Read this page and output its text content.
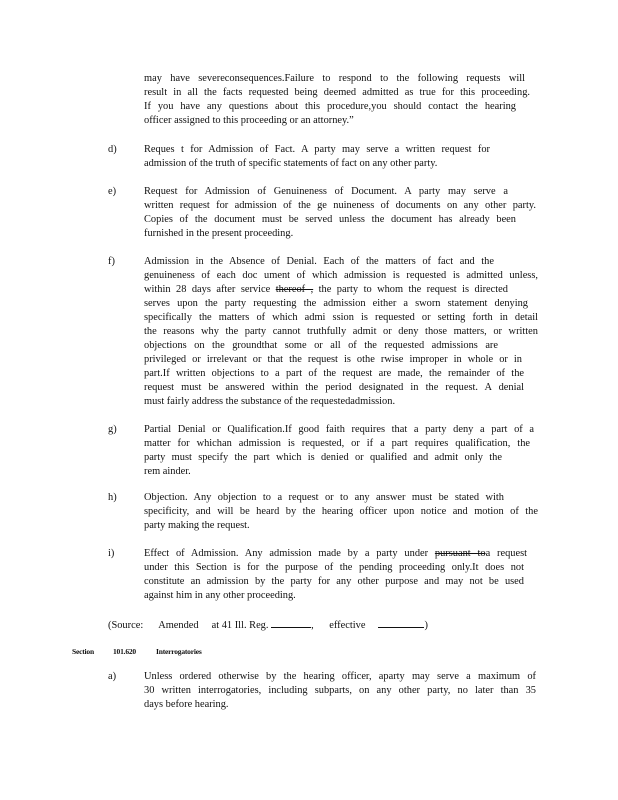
may have severeconsequences.Failure to respond to the following requests will
result in all the facts requested being deemed admitted as true for this proceeding.
If you have any questions about this procedure,you should contact the hearing
officer assigned to this proceeding or an attorney.”
d)	Reques t for Admission of Fact. A party may serve a written request for
admission of the truth of specific statements of fact on any other party.
e)	Request for Admission of Genuineness of Document. A party may serve a
written request for admission of the ge nuineness of documents on any other party.
Copies of the document must be served unless the document has already been
furnished in the present proceeding.
f)	Admission in the Absence of Denial. Each of the matters of fact and the
genuineness of each doc ument of which admission is requested is admitted unless,
within 28 days after service thereof , the party to whom the request is directed
serves upon the party requesting the admission either a sworn statement denying
specifically the matters of which admi ssion is requested or setting forth in detail
the reasons why the party cannot truthfully admit or deny those matters, or written
objections on the groundthat some or all of the requested admissions are
privileged or irrelevant or that the request is othe rwise improper in whole or in
part.If written objections to a part of the request are made, the remainder of the
request must be answered within the period designated in the request. A denial
must fairly address the substance of the requestedadmission.
g)	Partial Denial or Qualification.If good faith requires that a party deny a part of a
matter for whichan admission is requested, or if a part requires qualification, the
party must specify the part which is denied or qualified and admit only the
rem ainder.
h)	Objection. Any objection to a request or to any answer must be stated with
specificity, and will be heard by the hearing officer upon notice and motion of the
party making the request.
i)	Effect of Admission. Any admission made by a party under pursuant toa request
under this Section is for the purpose of the pending proceeding only.It does not
constitute an admission by the party for any other purpose and may not be used
against him in any other proceeding.
(Source: Amended at 41 Ill. Reg.	, effective	)
Section	101.620	Interrogatories
a)	Unless ordered otherwise by the hearing officer, aparty may serve a maximum of
30 written interrogatories, including subparts, on any other party, no later than 35
days before hearing.
